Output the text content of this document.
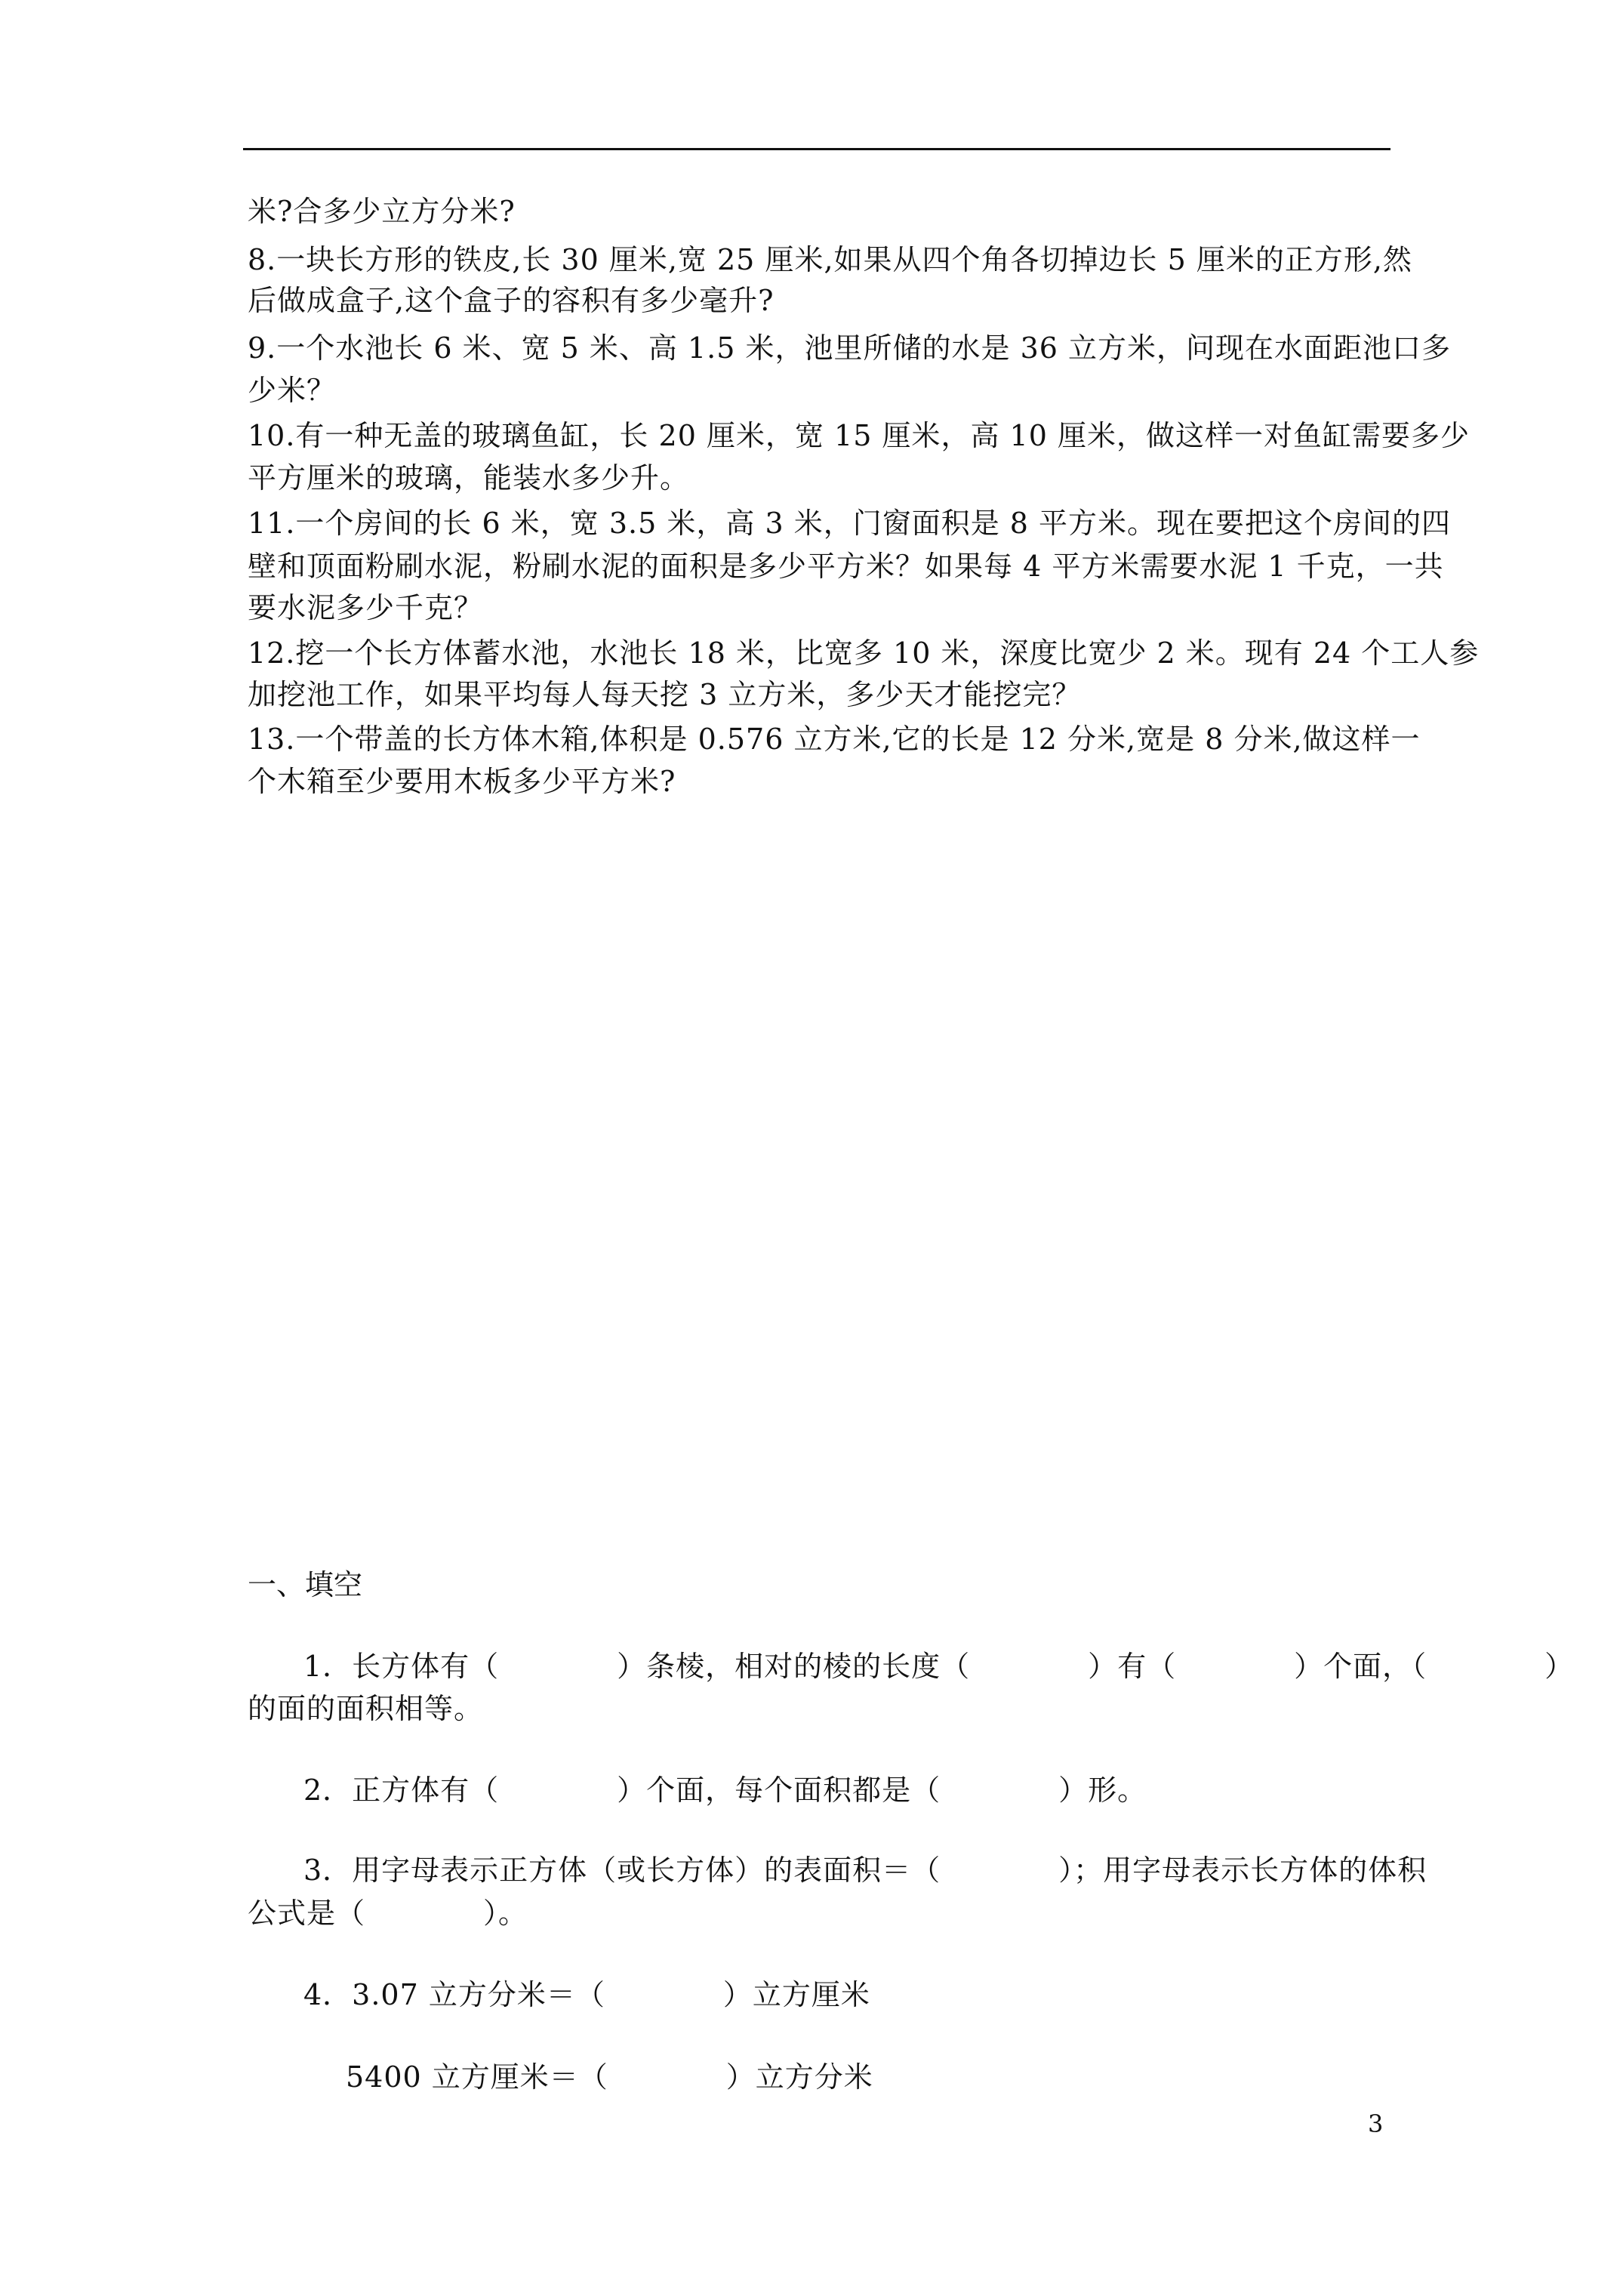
米?合多少立方分米?
8.一块长方形的铁皮,长 30 厘米,宽 25 厘米,如果从四个角各切掉边长 5 厘米的正方形,然
后做成盒子,这个盒子的容积有多少毫升?
9.一个水池长 6 米、宽 5 米、高 1.5 米，池里所储的水是 36 立方米，问现在水面距池口多
少米？
10.有一种无盖的玻璃鱼缸，长 20 厘米，宽 15 厘米，高 10 厘米，做这样一对鱼缸需要多少
平方厘米的玻璃，能装水多少升。
11.一个房间的长 6 米，宽 3.5 米，高 3 米，门窗面积是 8 平方米。现在要把这个房间的四
壁和顶面粉刷水泥，粉刷水泥的面积是多少平方米？如果每 4 平方米需要水泥 1 千克，一共
要水泥多少千克？
12.挖一个长方体蓄水池，水池长 18 米，比宽多 10 米，深度比宽少 2 米。现有 24 个工人参
加挖池工作，如果平均每人每天挖 3 立方米，多少天才能挖完？
13.一个带盖的长方体木箱,体积是 0.576 立方米,它的长是 12 分米,宽是 8 分米,做这样一
个木箱至少要用木板多少平方米?
一、填空
1．长方体有（　　　　）条棱，相对的棱的长度（　　　　）有（　　　　）个面，（　　　　）
的面的面积相等。
2．正方体有（　　　　）个面，每个面积都是（　　　　）形。
3．用字母表示正方体（或长方体）的表面积＝（　　　　）；用字母表示长方体的体积
公式是（　　　　）。
4．3.07 立方分米＝（　　　　）立方厘米
5400 立方厘米＝（　　　　）立方分米
3
